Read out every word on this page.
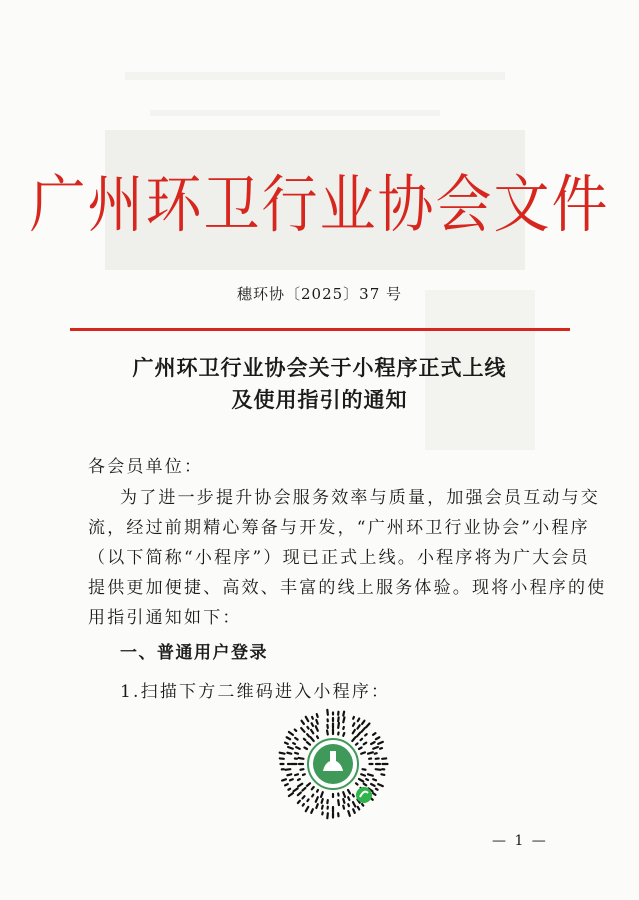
广州环卫行业协会文件
穗环协〔2025〕37 号
广州环卫行业协会关于小程序正式上线
及使用指引的通知
各会员单位：
为了进一步提升协会服务效率与质量，加强会员互动与交
流，经过前期精心筹备与开发，“广州环卫行业协会”小程序
（以下简称“小程序”）现已正式上线。小程序将为广大会员
提供更加便捷、高效、丰富的线上服务体验。现将小程序的使
用指引通知如下：
一、普通用户登录
1.扫描下方二维码进入小程序：
— 1 —
